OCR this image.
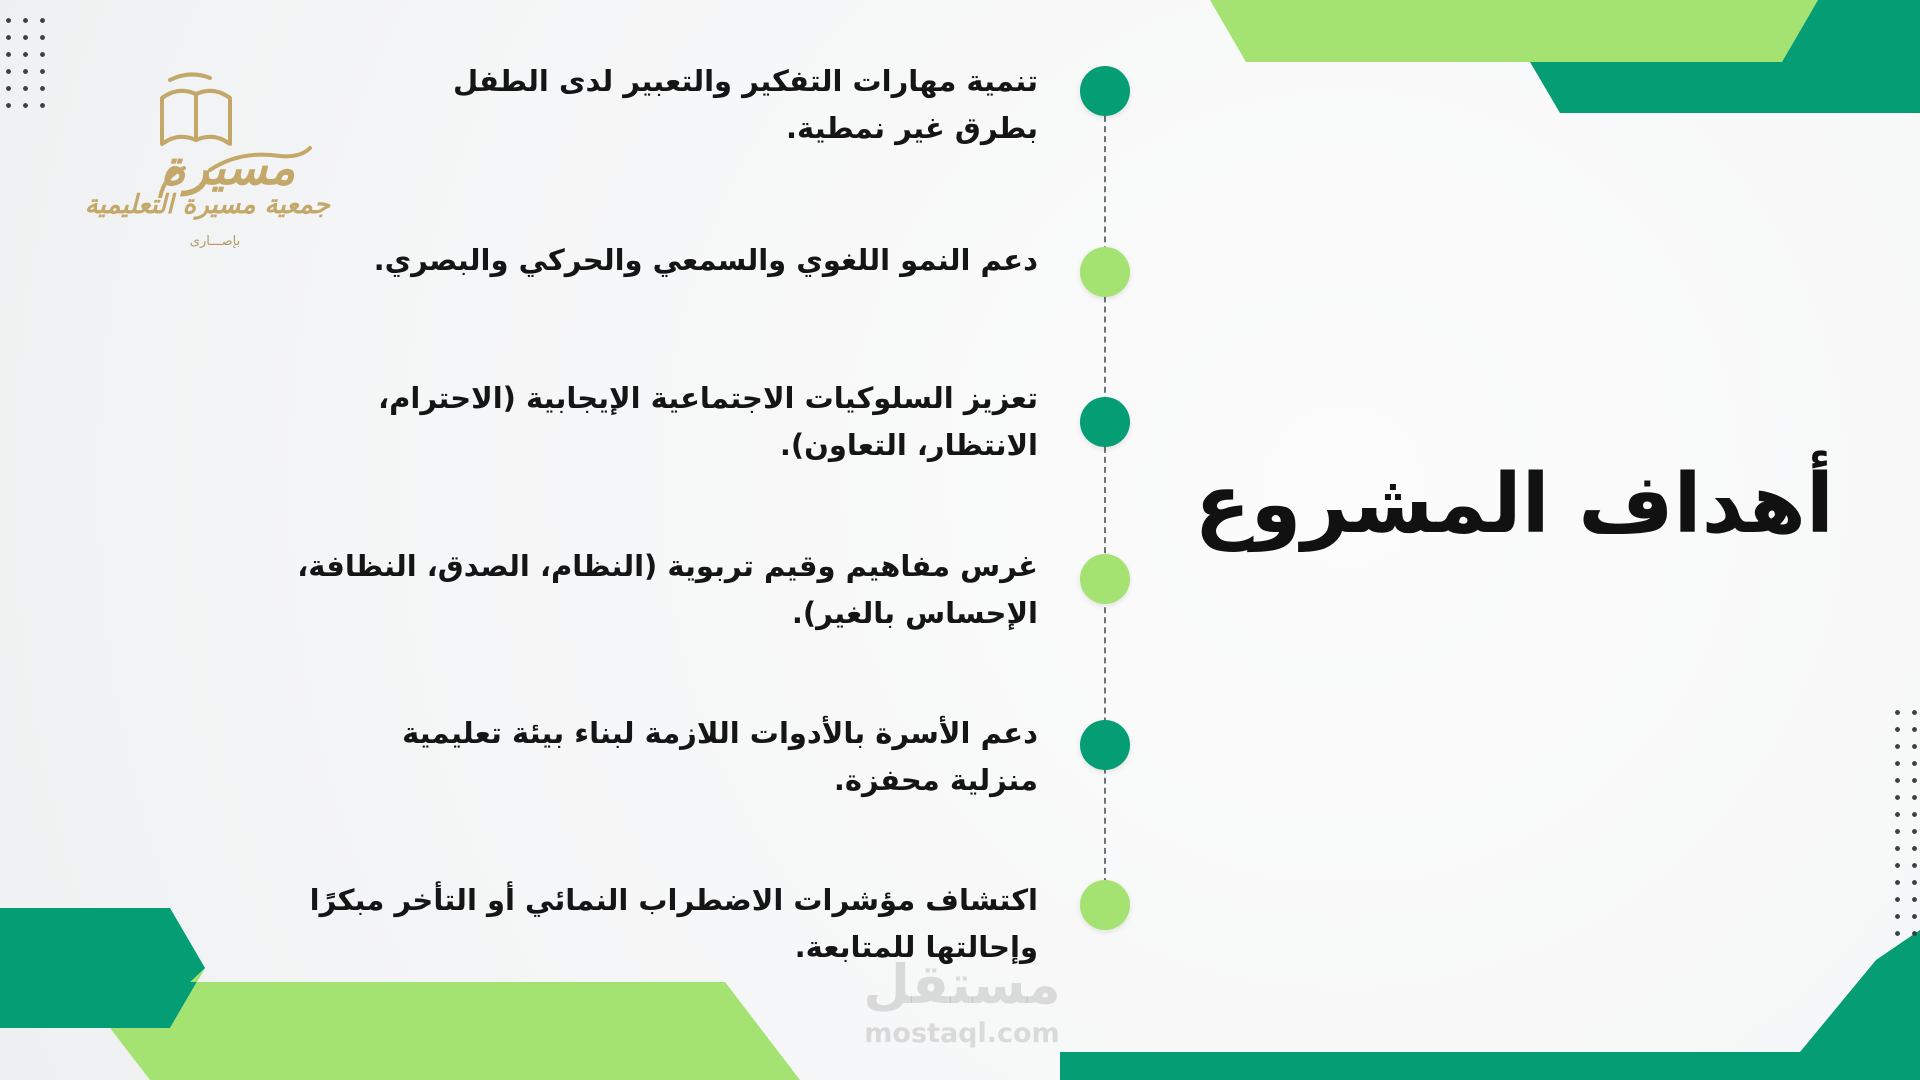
مسيرة
جمعية مسيرة التعليمية
بإصـــارى
تنمية مهارات التفكير والتعبير لدى الطفل بطرق غير نمطية.
دعم النمو اللغوي والسمعي والحركي والبصري.
تعزيز السلوكيات الاجتماعية الإيجابية (الاحترام، الانتظار، التعاون).
غرس مفاهيم وقيم تربوية (النظام، الصدق، النظافة، الإحساس بالغير).
دعم الأسرة بالأدوات اللازمة لبناء بيئة تعليمية منزلية محفزة.
اكتشاف مؤشرات الاضطراب النمائي أو التأخر مبكرًا وإحالتها للمتابعة.
أهداف المشروع
مستقل
mostaql.com
